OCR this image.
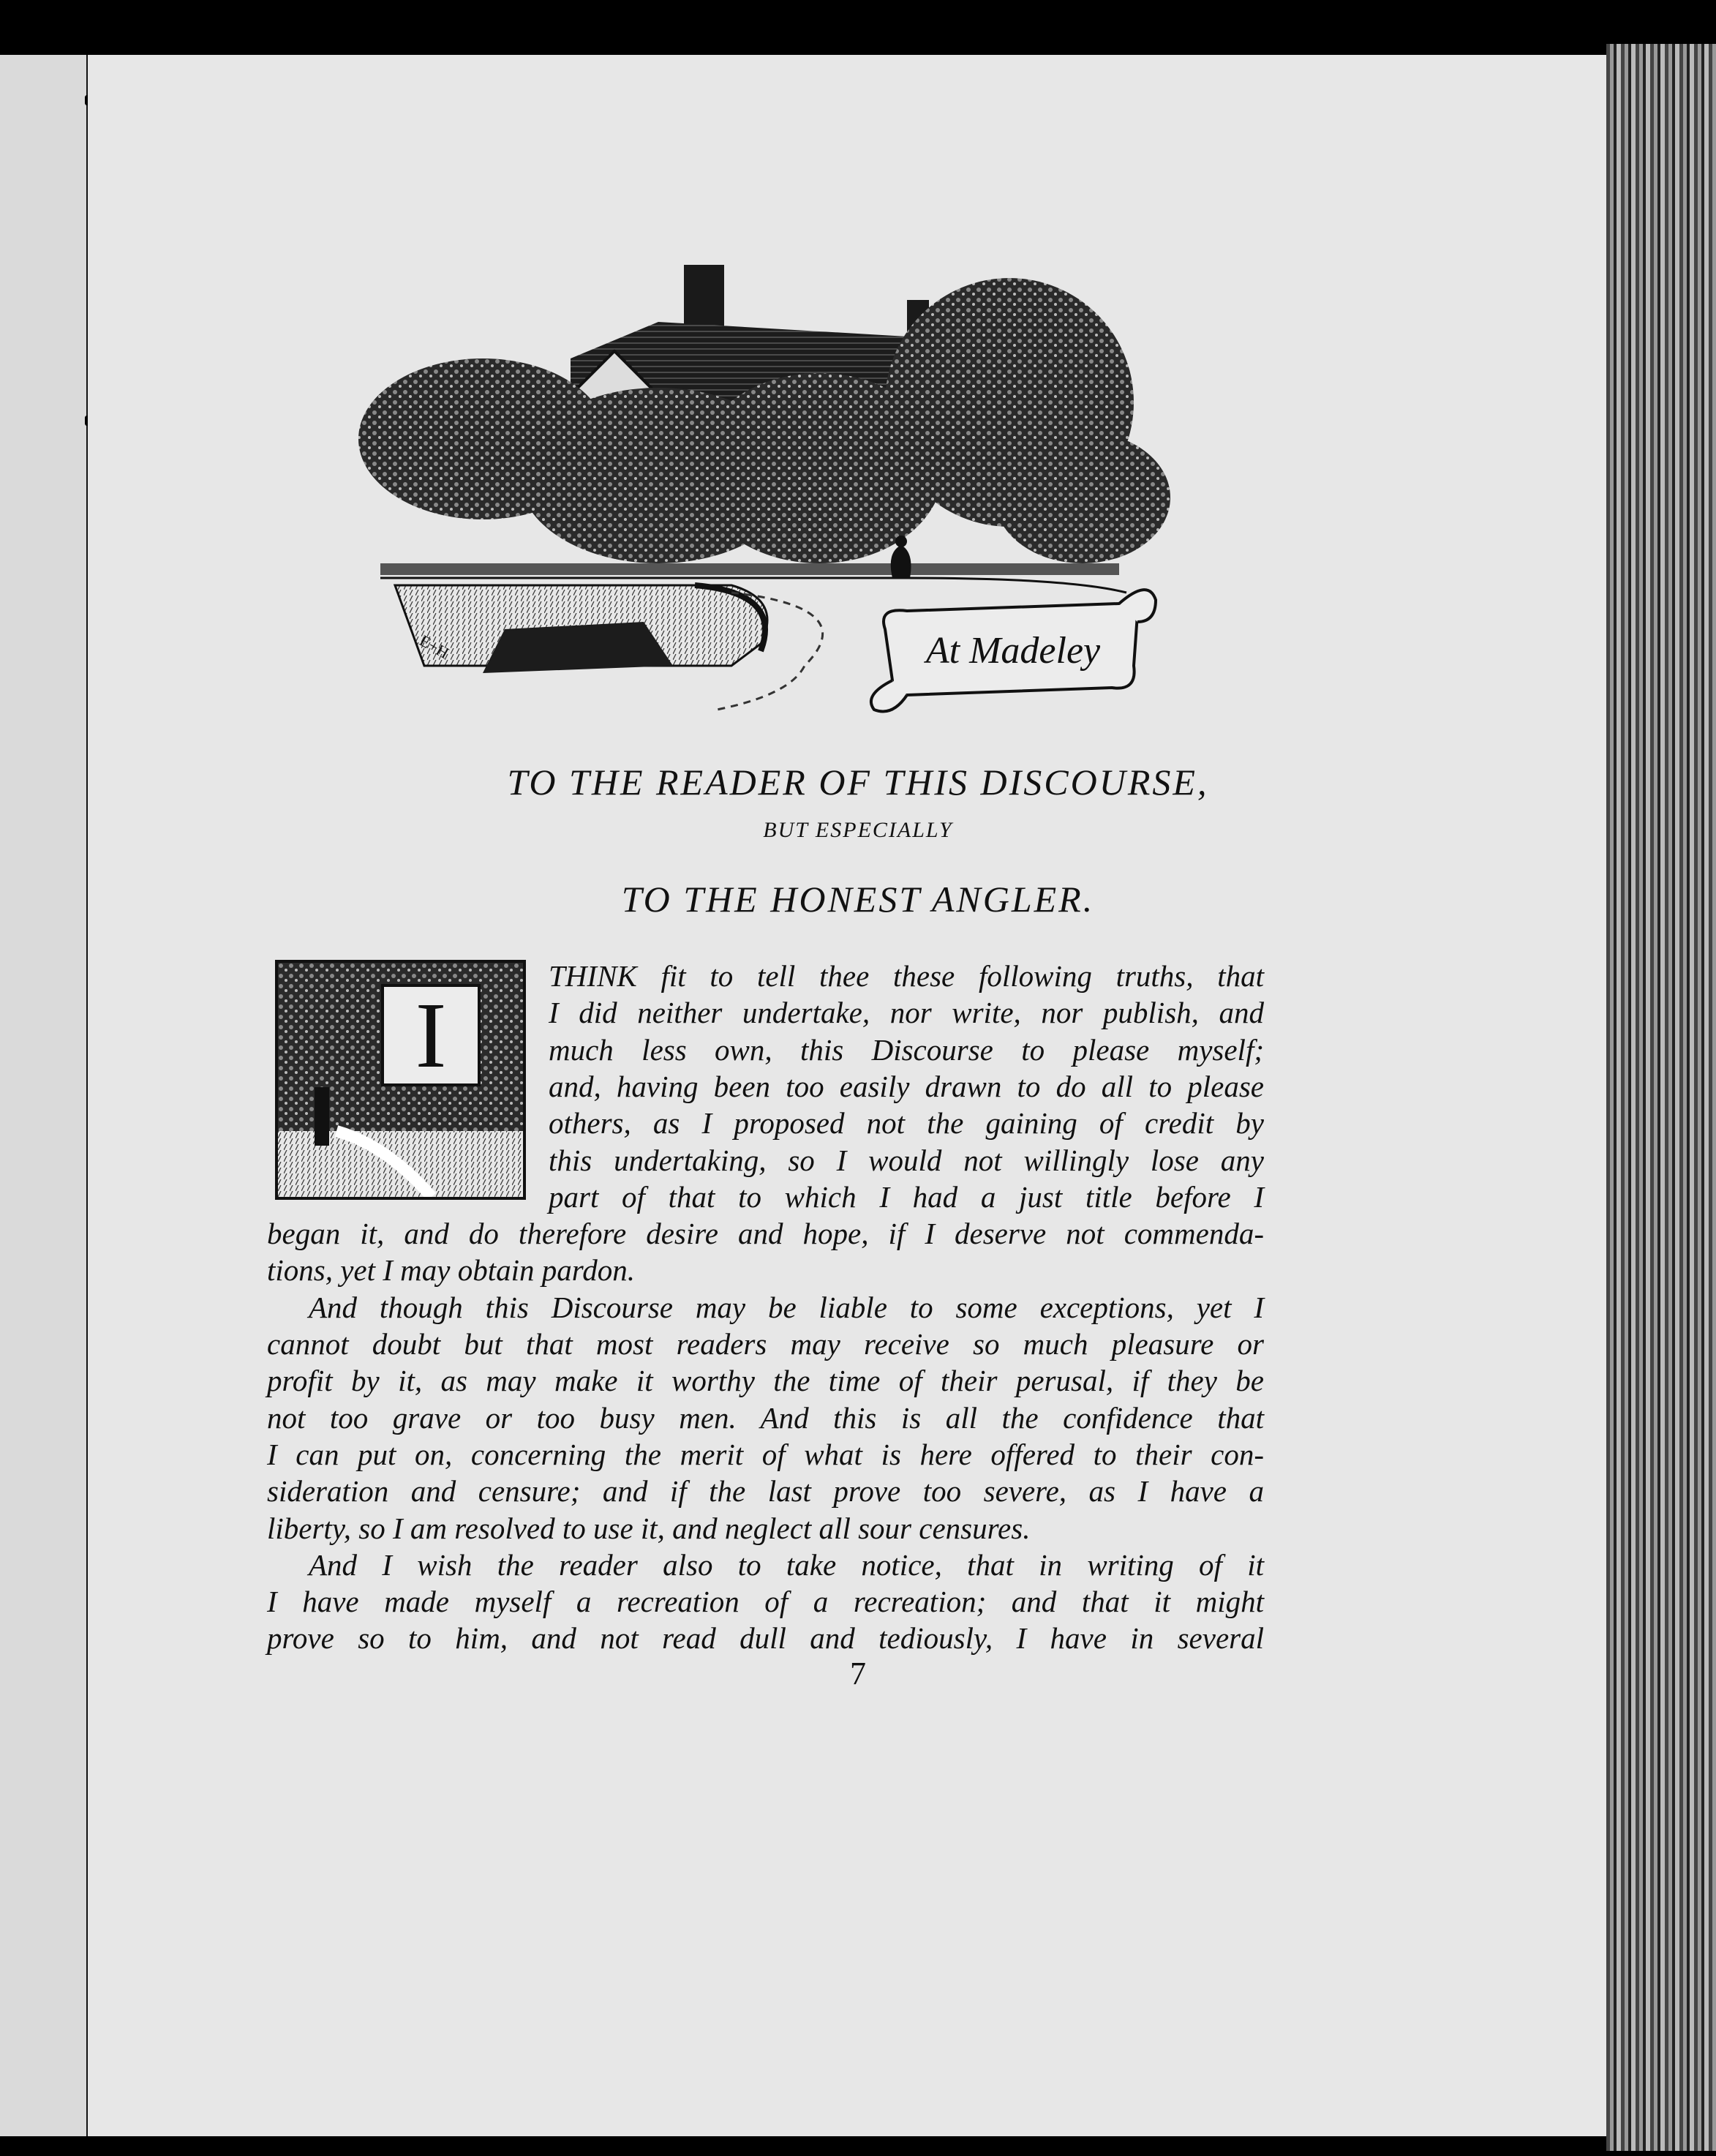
E+H	At Madeley
TO THE READER OF THIS DISCOURSE,
BUT ESPECIALLY
TO THE HONEST ANGLER.
I
THINK fit to tell thee these following truths, that
I did neither undertake, nor write, nor publish, and
much less own, this Discourse to please myself;
and, having been too easily drawn to do all to please
others, as I proposed not the gaining of credit by
this undertaking, so I would not willingly lose any
part of that to which I had a just title before I
began it, and do therefore desire and hope, if I deserve not commenda-
tions, yet I may obtain pardon.
And though this Discourse may be liable to some exceptions, yet I
cannot doubt but that most readers may receive so much pleasure or
profit by it, as may make it worthy the time of their perusal, if they be
not too grave or too busy men. And this is all the confidence that
I can put on, concerning the merit of what is here offered to their con-
sideration and censure; and if the last prove too severe, as I have a
liberty, so I am resolved to use it, and neglect all sour censures.
And I wish the reader also to take notice, that in writing of it
I have made myself a recreation of a recreation; and that it might
prove so to him, and not read dull and tediously, I have in several
7
